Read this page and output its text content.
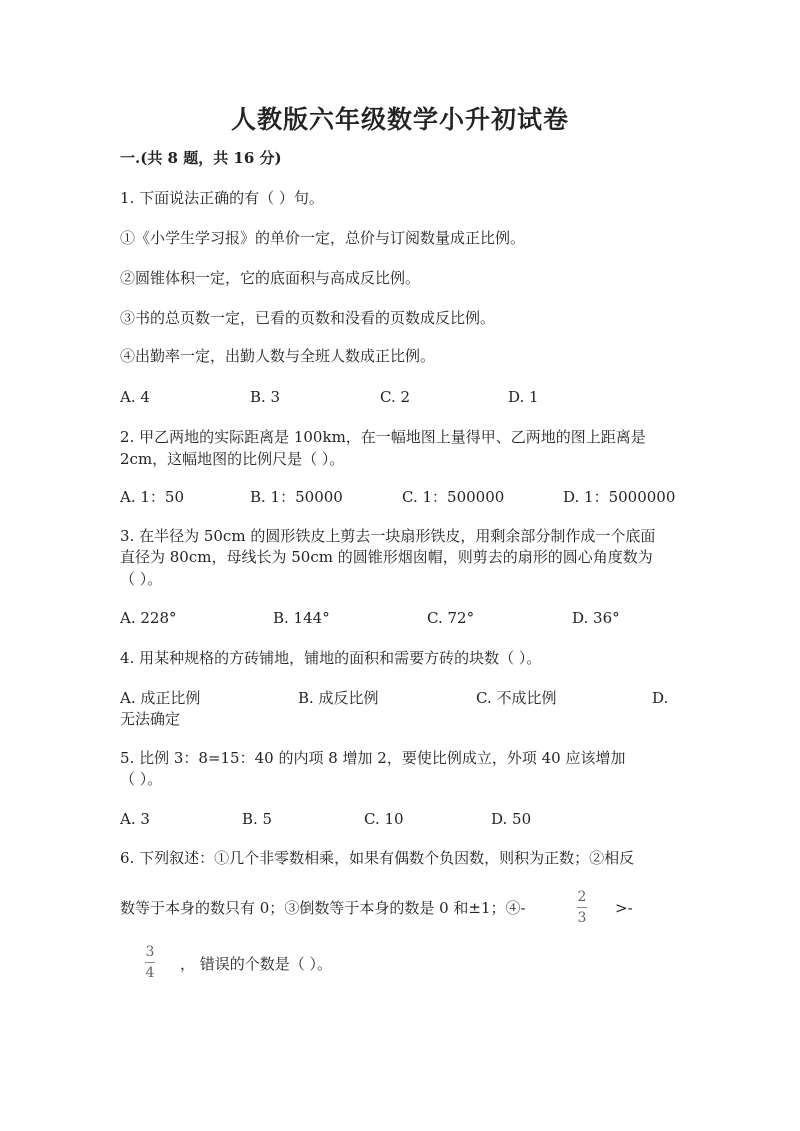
人教版六年级数学小升初试卷
一.(共 8 题，共 16 分)
1. 下面说法正确的有（ ）句。
①《小学生学习报》的单价一定，总价与订阅数量成正比例。
②圆锥体积一定，它的底面积与高成反比例。
③书的总页数一定，已看的页数和没看的页数成反比例。
④出勤率一定，出勤人数与全班人数成正比例。
A. 4	B. 3	C. 2	D. 1
2. 甲乙两地的实际距离是 100km，在一幅地图上量得甲、乙两地的图上距离是
2cm，这幅地图的比例尺是（ ）。
A. 1：50	B. 1：50000	C. 1：500000	D. 1：5000000
3. 在半径为 50cm 的圆形铁皮上剪去一块扇形铁皮，用剩余部分制作成一个底面
直径为 80cm，母线长为 50cm 的圆锥形烟囱帽，则剪去的扇形的圆心角度数为
（ ）。
A. 228°	B. 144°	C. 72°	D. 36°
4. 用某种规格的方砖铺地，铺地的面积和需要方砖的块数（ ）。
A. 成正比例	B. 成反比例	C. 不成比例	D.
无法确定
5. 比例 3：8=15：40 的内项 8 增加 2，要使比例成立，外项 40 应该增加
（ ）。
A. 3	B. 5	C. 10	D. 50
6. 下列叙述：①几个非零数相乘，如果有偶数个负因数，则积为正数；②相反
数等于本身的数只有 0；③倒数等于本身的数是 0 和±1；④-
2
3
>-
3
4 ， 错误的个数是（ ）。
